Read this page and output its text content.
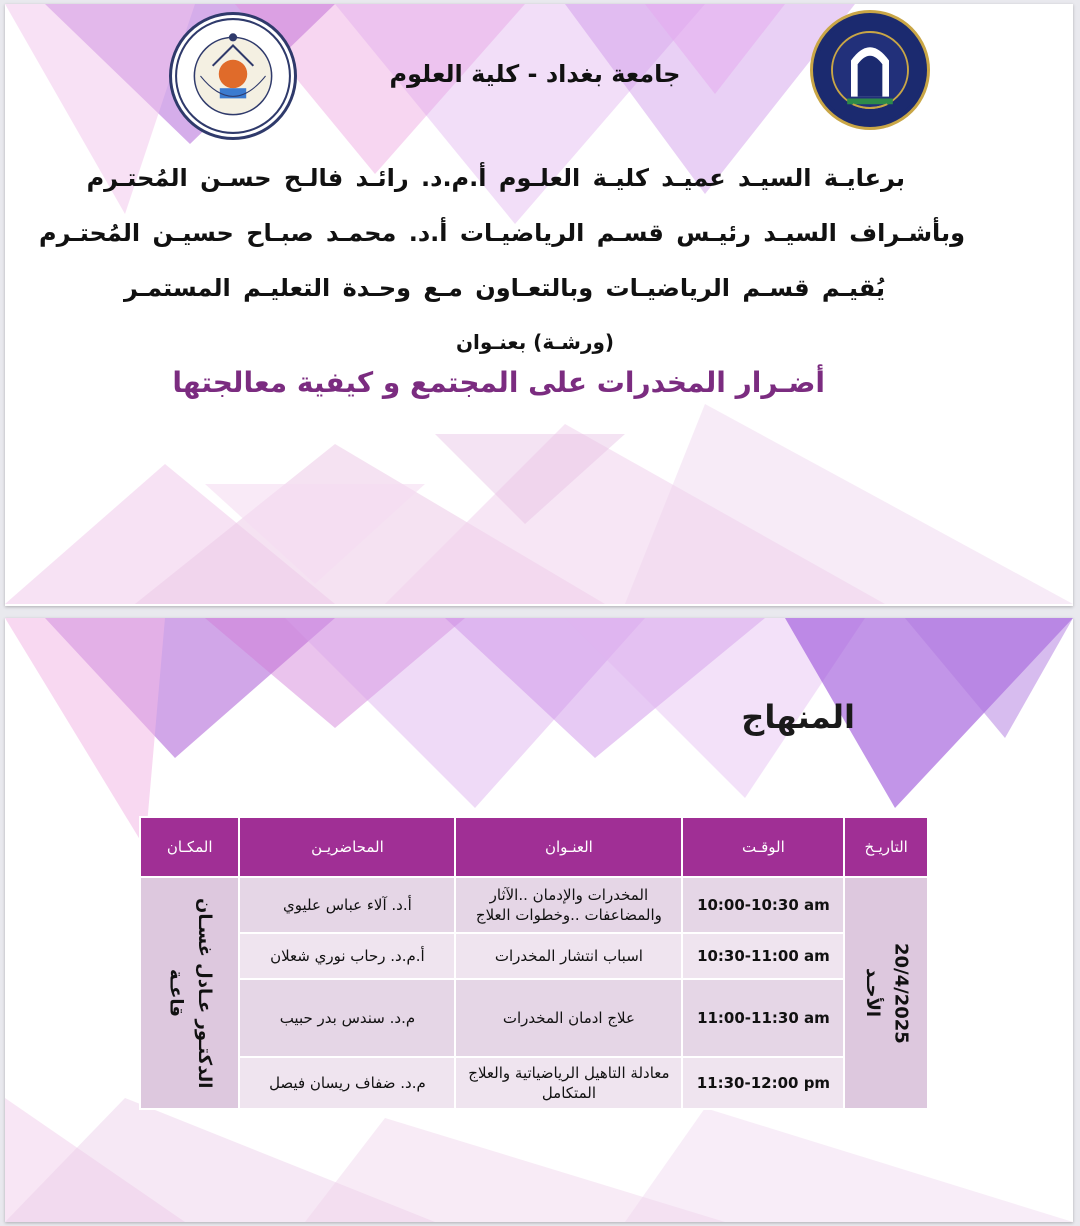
جامعة بغداد - كلية العلوم
برعايـة السيـد عميـد كليـة العلـوم أ.م.د. رائـد فالـح حسـن المُحتـرم
وبأشـراف السيـد رئيـس قسـم الرياضيـات أ.د. محمـد صبـاح حسيـن المُحتـرم
يُقيـم قسـم الرياضيـات وبالتعـاون مـع وحـدة التعليـم المستمـر
(ورشـة) بعنـوان
أضـرار المخدرات على المجتمع و كيفية معالجتها
المنهاج
التاريـخ	الوقـت	العنـوان	المحاضريـن	المكـان

الأحـد 20/4/2025	10:00-10:30 am	المخدرات والإدمان ..الآثار والمضاعفات ..وخطوات العلاج	أ.د. آلاء عباس عليوي	قاعـة الدكتـور عـادل غسـان

	10:30-11:00 am	اسباب انتشار المخدرات	أ.م.د. رحاب نوري شعلان	
	11:00-11:30 am	علاج ادمان المخدرات	م.د. سندس بدر حبيب	
	11:30-12:00 pm	معادلة التاهيل الرياضياتية والعلاج المتكامل	م.د. ضفاف ريسان فيصل	
